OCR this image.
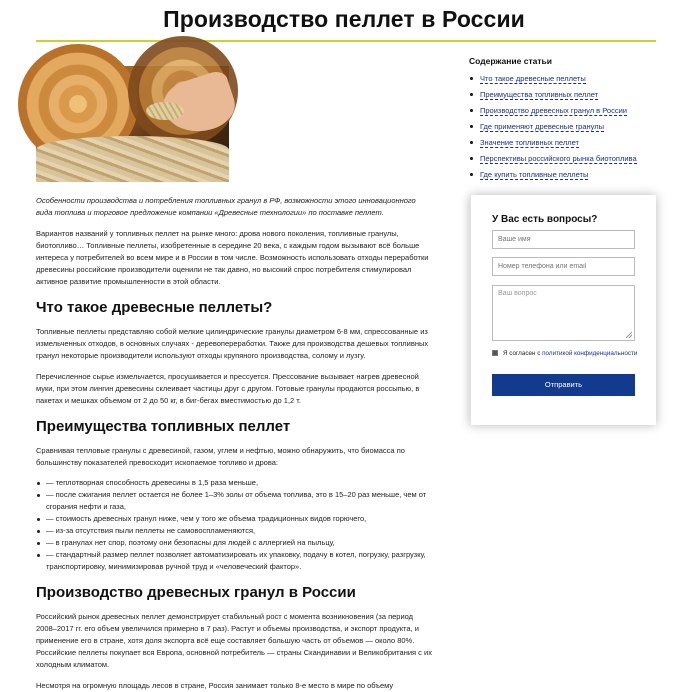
Производство пеллет в России

Особенности производства и потребления топливных гранул в РФ, возможности этого инновационного вида топлива и торговое предложение компании «Древесные технологии» по поставке пеллет.

Вариантов названий у топливных пеллет на рынке много: дрова нового поколения, топливные гранулы, биотопливо… Топливные пеллеты, изобретенные в середине 20 века, с каждым годом вызывают всё больше интереса у потребителей во всем мире и в России в том числе. Возможность использовать отходы переработки древесины российские производители оценили не так давно, но высокий спрос потребителя стимулировал активное развитие промышленности в этой области.

Что такое древесные пеллеты?

Топливные пеллеты представляю собой мелкие цилиндрические гранулы диаметром 6-8 мм, спрессованные из измельченных отходов, в основных случаях - деревопереработки. Также для производства дешевых топливных гранул некоторые производители используют отходы крупяного производства, солому и лузгу.

Перечисленное сырье измельчается, просушивается и прессуется. Прессование вызывает нагрев древесной муки, при этом лингин древесины склеивает частицы друг с другом. Готовые гранулы продаются россыпью, в пакетах и мешках объемом от 2 до 50 кг, в биг-бегах вместимостью до 1,2 т.

Преимущества топливных пеллет

Сравнивая тепловые гранулы с древесиной, газом, углем и нефтью, можно обнаружить, что биомасса по большинству показателей превосходит ископаемое топливо и дрова:

— теплотворная способность древесины в 1,5 раза меньше,
— после сжигания пеллет остается не более 1–3% золы от объема топлива, это в 15–20 раз меньше, чем от сгорания нефти и газа,
— стоимость древесных гранул ниже, чем у того же объема традиционных видов горючего,
— из-за отсутствия пыли пеллеты не самовоспламеняются,
— в гранулах нет спор, поэтому они безопасны для людей с аллергией на пыльцу,
— стандартный размер пеллет позволяет автоматизировать их упаковку, подачу в котел, погрузку, разгрузку, транспортировку, минимизировав ручной труд и «человеческий фактор».
Производство древесных гранул в России

Российский рынок древесных пеллет демонстрирует стабильный рост с момента возникновения (за период 2008–2017 гг. его объем увеличился примерно в 7 раз). Растут и объемы производства, и экспорт продукта, и применение его в стране, хотя доля экспорта всё еще составляет большую часть от объемов — около 80%. Российские пеллеты покупает вся Европа, основной потребитель — страны Скандинавии и Великобритания с их холодным климатом.

Несмотря на огромную площадь лесов в стране, Россия занимает только 8-е место в мире по объему

Содержание статьи
Что такое древесные пеллеты
Преимущества топливных пеллет
Производство древесных гранул в России
Где применяют древесные гранулы
Значение топливных пеллет
Перспективы российского рынка биотоплива
Где купить топливные пеллеты
У Вас есть вопросы?
Ваше имя
Номер телефона или email
Ваш вопрос
Я согласен с политикой конфиденциальности
Отправить
